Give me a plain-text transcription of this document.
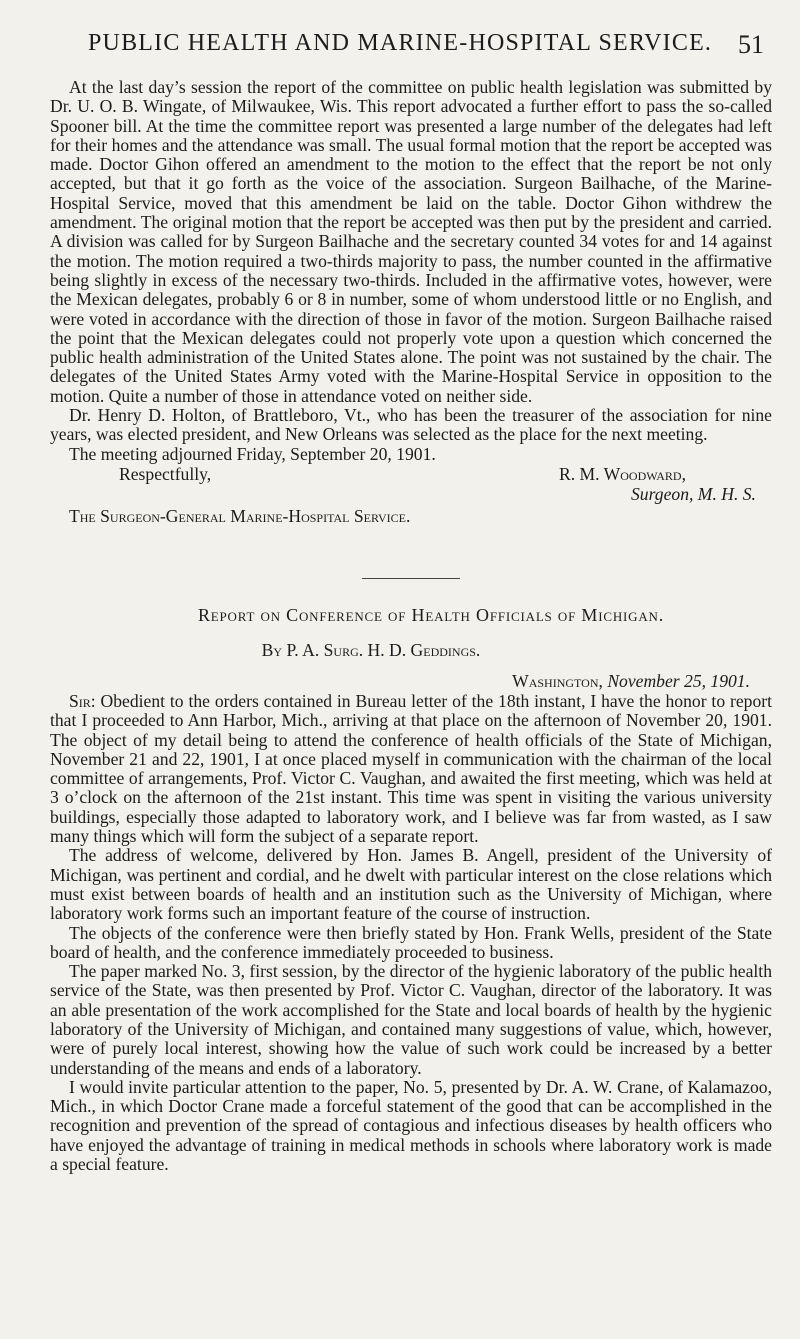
PUBLIC HEALTH AND MARINE-HOSPITAL SERVICE. 51

At the last day’s session the report of the committee on public health legislation was submitted by Dr. U. O. B. Wingate, of Milwaukee, Wis. This report advocated a further effort to pass the so-called Spooner bill. At the time the committee report was presented a large number of the delegates had left for their homes and the attendance was small. The usual formal motion that the report be accepted was made. Doctor Gihon offered an amendment to the motion to the effect that the report be not only accepted, but that it go forth as the voice of the association. Surgeon Bailhache, of the Marine-Hospital Service, moved that this amendment be laid on the table. Doctor Gihon withdrew the amendment. The original motion that the report be accepted was then put by the president and carried. A division was called for by Surgeon Bailhache and the secretary counted 34 votes for and 14 against the motion. The motion required a two-thirds majority to pass, the number counted in the affirmative being slightly in excess of the necessary two-thirds. Included in the affirmative votes, however, were the Mexican delegates, probably 6 or 8 in number, some of whom understood little or no English, and were voted in accordance with the direction of those in favor of the motion. Surgeon Bailhache raised the point that the Mexican delegates could not properly vote upon a question which concerned the public health administration of the United States alone. The point was not sustained by the chair. The delegates of the United States Army voted with the Marine-Hospital Service in opposition to the motion. Quite a number of those in attendance voted on neither side.

Dr. Henry D. Holton, of Brattleboro, Vt., who has been the treasurer of the association for nine years, was elected president, and New Orleans was selected as the place for the next meeting.

The meeting adjourned Friday, September 20, 1901.

Respectfully,	R. M. Woodward,
Surgeon, M. H. S.
The Surgeon-General Marine-Hospital Service.
Report on Conference of Health Officials of Michigan.
By P. A. Surg. H. D. Geddings.
Washington, November 25, 1901.

Sir: Obedient to the orders contained in Bureau letter of the 18th instant, I have the honor to report that I proceeded to Ann Harbor, Mich., arriving at that place on the afternoon of November 20, 1901. The object of my detail being to attend the conference of health officials of the State of Michigan, November 21 and 22, 1901, I at once placed myself in communication with the chairman of the local committee of arrangements, Prof. Victor C. Vaughan, and awaited the first meeting, which was held at 3 o’clock on the afternoon of the 21st instant. This time was spent in visiting the various university buildings, especially those adapted to laboratory work, and I believe was far from wasted, as I saw many things which will form the subject of a separate report.

The address of welcome, delivered by Hon. James B. Angell, president of the University of Michigan, was pertinent and cordial, and he dwelt with particular interest on the close relations which must exist between boards of health and an institution such as the University of Michigan, where laboratory work forms such an important feature of the course of instruction.

The objects of the conference were then briefly stated by Hon. Frank Wells, president of the State board of health, and the conference immediately proceeded to business.

The paper marked No. 3, first session, by the director of the hygienic laboratory of the public health service of the State, was then presented by Prof. Victor C. Vaughan, director of the laboratory. It was an able presentation of the work accomplished for the State and local boards of health by the hygienic laboratory of the University of Michigan, and contained many suggestions of value, which, however, were of purely local interest, showing how the value of such work could be increased by a better understanding of the means and ends of a laboratory.

I would invite particular attention to the paper, No. 5, presented by Dr. A. W. Crane, of Kalamazoo, Mich., in which Doctor Crane made a forceful statement of the good that can be accomplished in the recognition and prevention of the spread of contagious and infectious diseases by health officers who have enjoyed the advantage of training in medical methods in schools where laboratory work is made a special feature.
